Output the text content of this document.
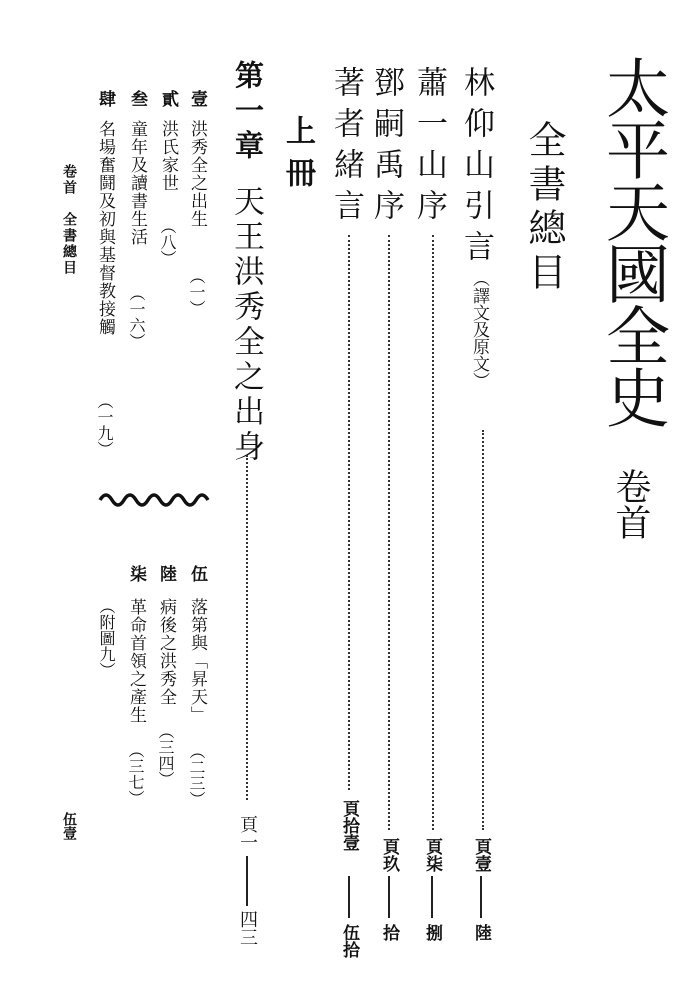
太平天國全史
卷首
全書總目
林仰山引言
（譯文及原文）
頁壹
陸
蕭一山序
頁柒
捌
鄧嗣禹序
頁玖
拾
著者緒言
頁拾壹
伍拾
上冊
第一章
天王洪秀全之出身
頁一
四三
壹
洪秀全之出生
（一）
貳
洪氏家世
（八）
叁
童年及讀書生活
（一六）
肆
名場奮鬪及初與基督教接觸
（一九）
伍
落第與「昇天」
（二三）
陸
病後之洪秀全
（三四）
柒
革命首領之產生
（三七）
（附圖九）
卷首　全書總目
伍壹
